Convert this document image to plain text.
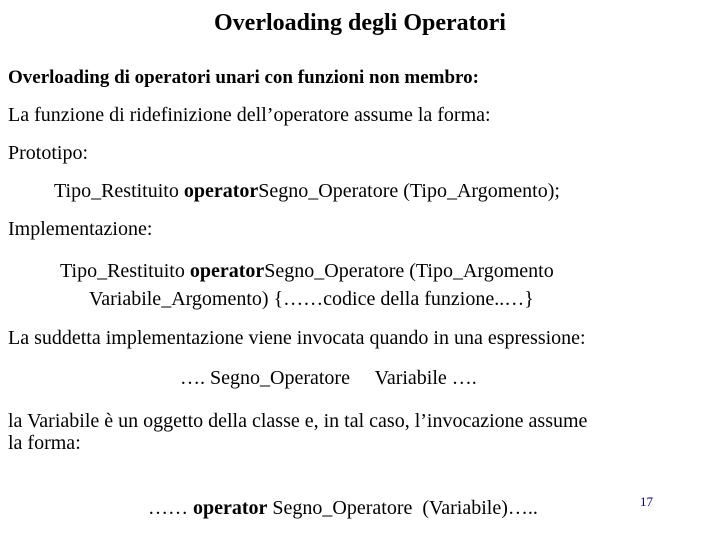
Overloading degli Operatori
Overloading di operatori unari con funzioni non membro:
La funzione di ridefinizione dell’operatore assume la forma:
Prototipo:
Tipo_Restituito operatorSegno_Operatore (Tipo_Argomento);
Implementazione:
Tipo_Restituito operatorSegno_Operatore (Tipo_Argomento
Variabile_Argomento) {……codice della funzione..…}
La suddetta implementazione viene invocata quando in una espressione:
…. Segno_Operatore     Variabile ….
la Variabile è un oggetto della classe e, in tal caso, l’invocazione assume
la forma:

…… operator Segno_Operatore  (Variabile)…..
	17
